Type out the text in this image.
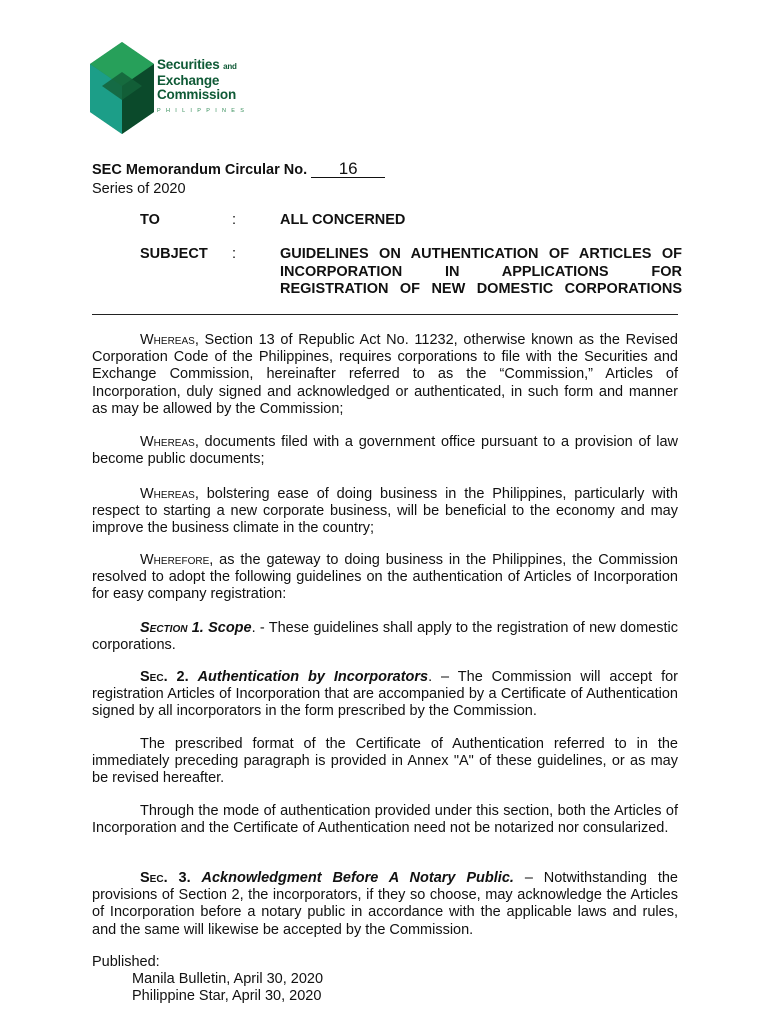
Securities and
Exchange
Commission
PHILIPPINES
SEC Memorandum Circular No. 16
Series of 2020
TO	:	ALL CONCERNED
SUBJECT	:	GUIDELINES ON AUTHENTICATION OF ARTICLES OF
INCORPORATION IN APPLICATIONS FOR
REGISTRATION OF NEW DOMESTIC CORPORATIONS

Whereas, Section 13 of Republic Act No. 11232, otherwise known as the Revised Corporation Code of the Philippines, requires corporations to file with the Securities and Exchange Commission, hereinafter referred to as the “Commission,” Articles of Incorporation, duly signed and acknowledged or authenticated, in such form and manner as may be allowed by the Commission;

Whereas, documents filed with a government office pursuant to a provision of law become public documents;

Whereas, bolstering ease of doing business in the Philippines, particularly with respect to starting a new corporate business, will be beneficial to the economy and may improve the business climate in the country;

Wherefore, as the gateway to doing business in the Philippines, the Commission resolved to adopt the following guidelines on the authentication of Articles of Incorporation for easy company registration:

Section 1. Scope. - These guidelines shall apply to the registration of new domestic corporations.

Sec. 2. Authentication by Incorporators. – The Commission will accept for registration Articles of Incorporation that are accompanied by a Certificate of Authentication signed by all incorporators in the form prescribed by the Commission.

The prescribed format of the Certificate of Authentication referred to in the immediately preceding paragraph is provided in Annex "A" of these guidelines, or as may be revised hereafter.

Through the mode of authentication provided under this section, both the Articles of Incorporation and the Certificate of Authentication need not be notarized nor consularized.

Sec. 3. Acknowledgment Before A Notary Public. – Notwithstanding the provisions of Section 2, the incorporators, if they so choose, may acknowledge the Articles of Incorporation before a notary public in accordance with the applicable laws and rules, and the same will likewise be accepted by the Commission.

Published:
Manila Bulletin, April 30, 2020
Philippine Star, April 30, 2020
